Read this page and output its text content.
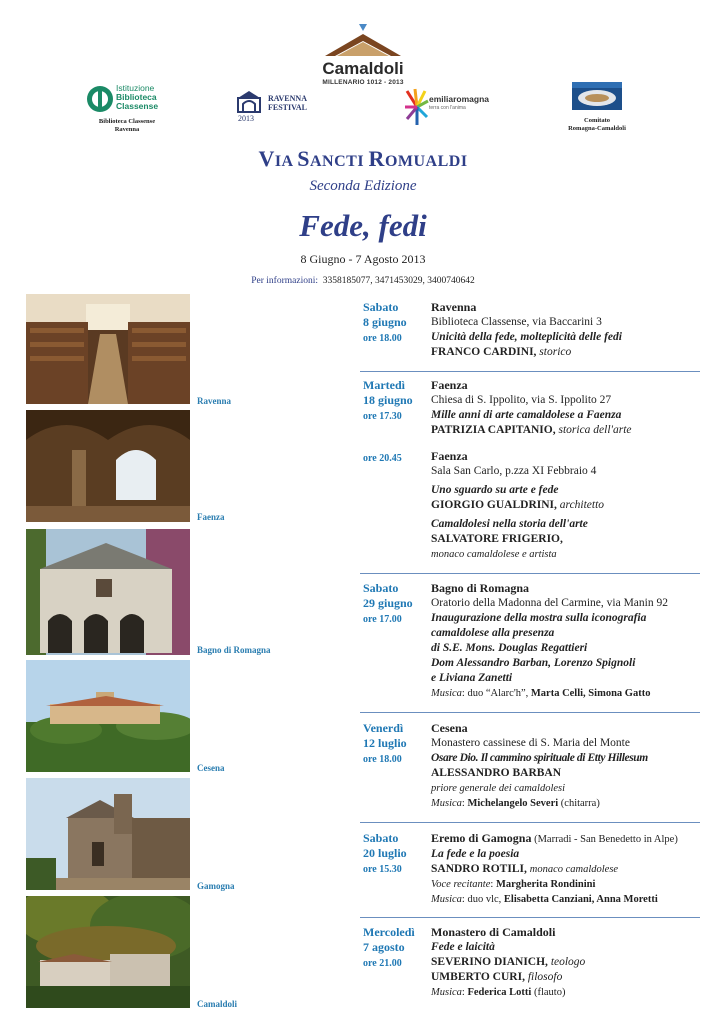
Camaldoli
MILLENARIO 1012 - 2013
Istituzione
Biblioteca
Classense
Biblioteca Classense
Ravenna
RAVENNA
FESTIVAL
2013
emiliaromagna
terra con l'anima
Comitato
Romagna-Camaldoli
VIA SANCTI ROMUALDI
Seconda Edizione
Fede, fedi
8 Giugno - 7 Agosto 2013
Per informazioni: 3358185077, 3471453029, 3400740642
Ravenna
Faenza
Bagno di Romagna
Cesena
Gamogna
Camaldoli
Sabato
8 giugno
ore 18.00
Ravenna
Biblioteca Classense, via Baccarini 3
Unicità della fede, molteplicità delle fedi
FRANCO CARDINI, storico
Martedì
18 giugno
ore 17.30
Faenza
Chiesa di S. Ippolito, via S. Ippolito 27
Mille anni di arte camaldolese a Faenza
PATRIZIA CAPITANIO, storica dell'arte
ore 20.45 Faenza
Sala San Carlo, p.zza XI Febbraio 4
Uno sguardo su arte e fede
GIORGIO GUALDRINI, architetto
Camaldolesi nella storia dell'arte
SALVATORE FRIGERIO,
monaco camaldolese e artista
Sabato
29 giugno
ore 17.00
Bagno di Romagna
Oratorio della Madonna del Carmine, via Manin 92
Inaugurazione della mostra sulla iconografia
camaldolese alla presenza
di S.E. Mons. Douglas Regattieri
Dom Alessandro Barban, Lorenzo Spignoli
e Liviana Zanetti
Musica: duo “Alarc'h”, Marta Celli, Simona Gatto
Venerdì
12 luglio
ore 18.00
Cesena
Monastero cassinese di S. Maria del Monte
Osare Dio. Il cammino spirituale di Etty Hillesum
ALESSANDRO BARBAN
priore generale dei camaldolesi
Musica: Michelangelo Severi (chitarra)
Sabato
20 luglio
ore 15.30
Eremo di Gamogna (Marradi - San Benedetto in Alpe)
La fede e la poesia
SANDRO ROTILI, monaco camaldolese
Voce recitante: Margherita Rondinini
Musica: duo vlc, Elisabetta Canziani, Anna Moretti
Mercoledì
7 agosto
ore 21.00
Monastero di Camaldoli
Fede e laicità
SEVERINO DIANICH, teologo
UMBERTO CURI, filosofo
Musica: Federica Lotti (flauto)
